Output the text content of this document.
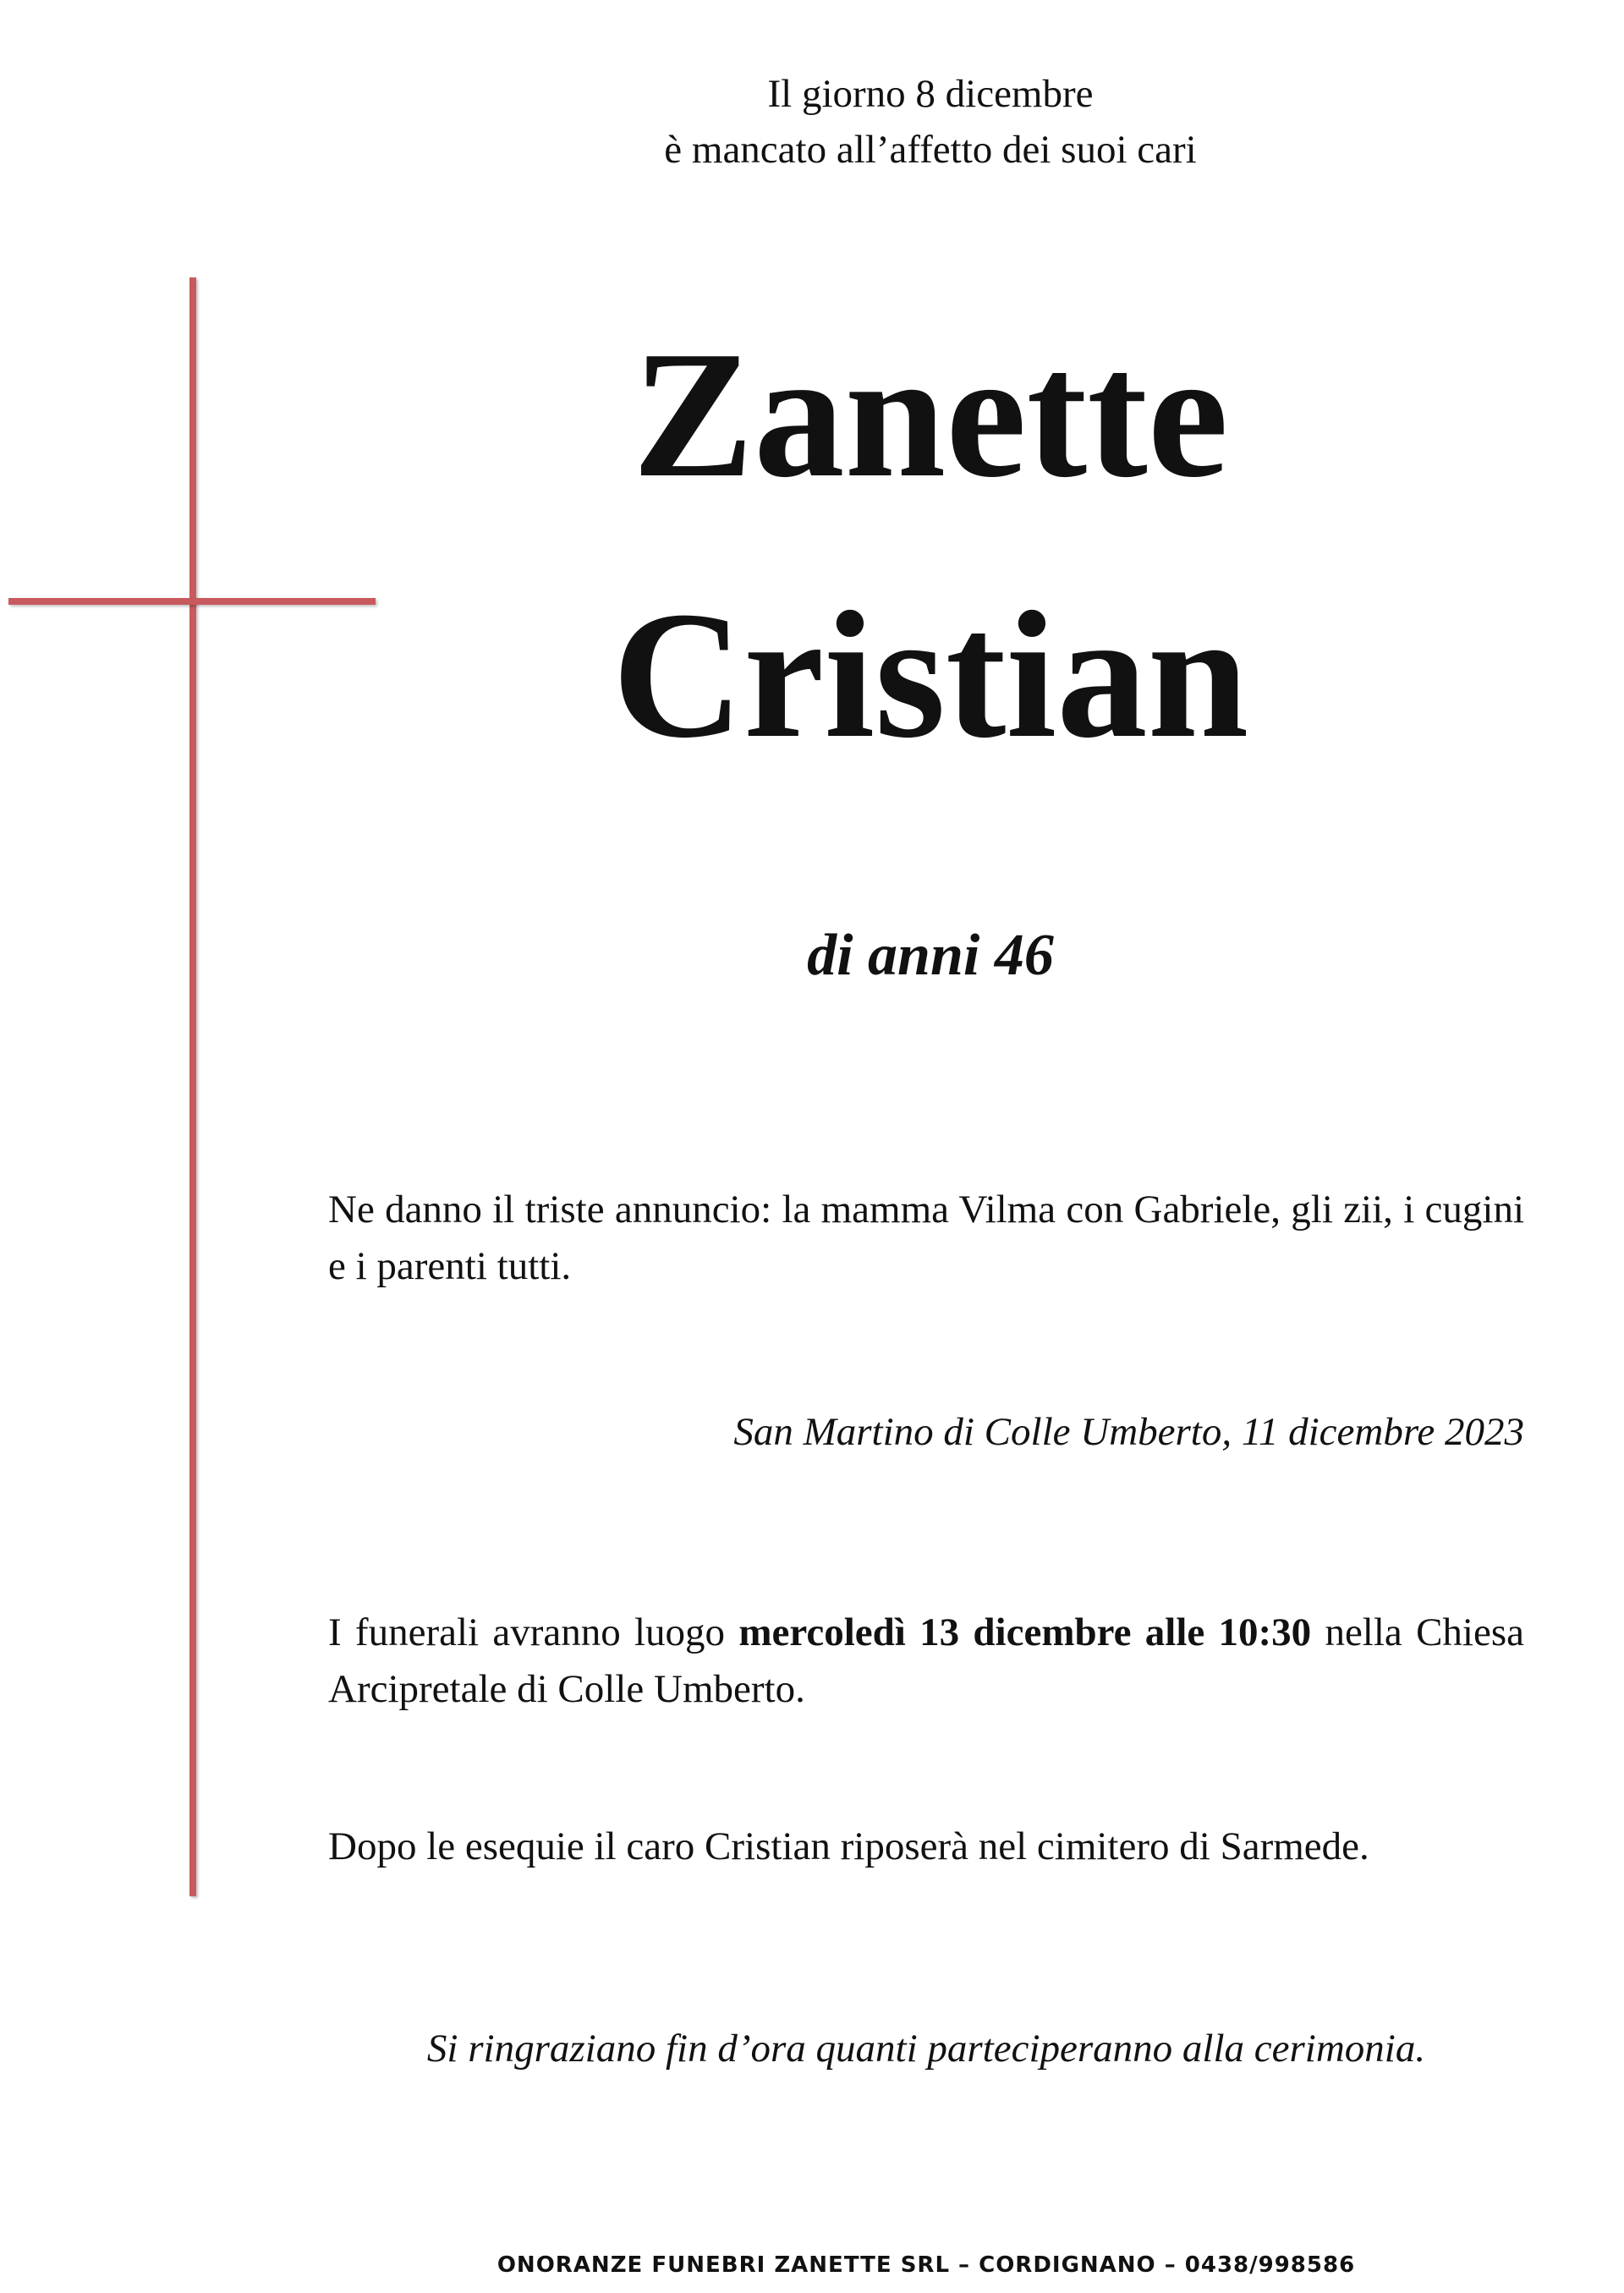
Il giorno 8 dicembre
è mancato all’affetto dei suoi cari
Zanette
Cristian
di anni 46
Ne danno il triste annuncio: la mamma Vilma con Gabriele, gli zii, i cugini e i parenti tutti.
San Martino di Colle Umberto, 11 dicembre 2023
I funerali avranno luogo mercoledì 13 dicembre alle 10:30 nella Chiesa Arcipretale di Colle Umberto.
Dopo le esequie il caro Cristian riposerà nel cimitero di Sarmede.
Si ringraziano fin d’ora quanti parteciperanno alla cerimonia.
ONORANZE FUNEBRI ZANETTE SRL – CORDIGNANO – 0438/998586
